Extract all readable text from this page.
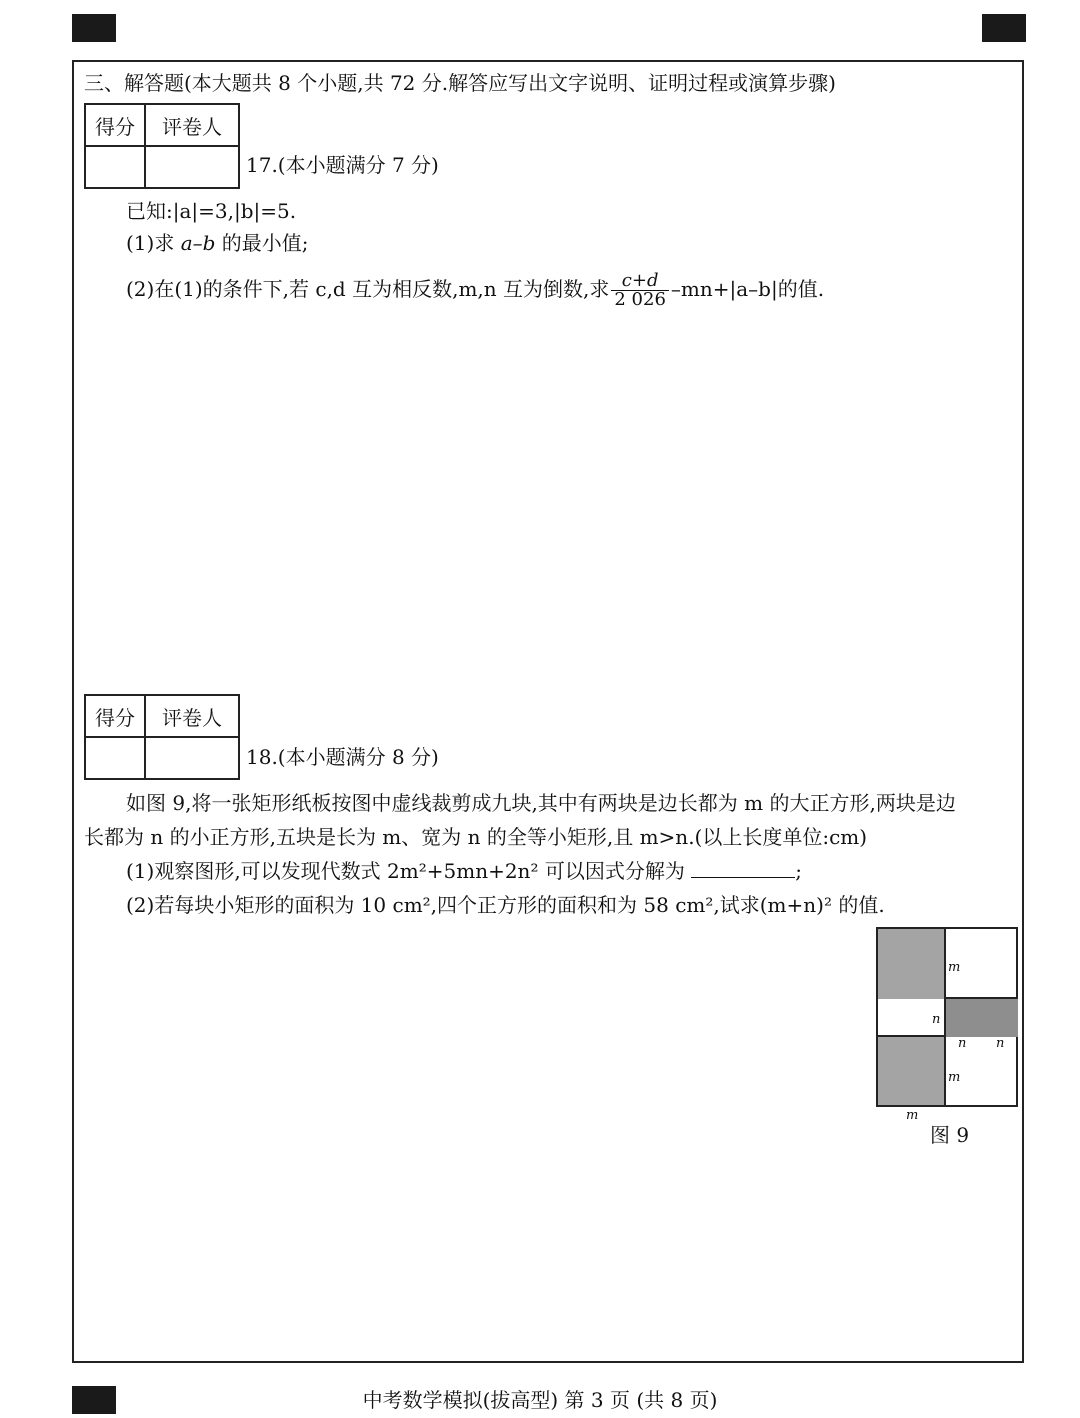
三、解答题(本大题共 8 个小题,共 72 分.解答应写出文字说明、证明过程或演算步骤)
得分	评卷人

17.(本小题满分 7 分)
已知:|a|=3,|b|=5.
(1)求 a–b 的最小值;
(2)在(1)的条件下,若 c,d 互为相反数,m,n 互为倒数,求 $\frac{c+d}{2 026} -mn+|a-b|$的值.
得分	评卷人

18.(本小题满分 8 分)
如图 9,将一张矩形纸板按图中虚线裁剪成九块,其中有两块是边长都为 m 的大正方形,两块是边
长都为 n 的小正方形,五块是长为 m、宽为 n 的全等小矩形,且 m>n.(以上长度单位:cm)
(1)观察图形,可以发现代数式 2m²+5mn+2n² 可以因式分解为	;
(2)若每块小矩形的面积为 10 cm²,四个正方形的面积和为 58 cm²,试求(m+n)² 的值.
m
n
n n
m
m
图 9
中考数学模拟(拔高型) 第 3 页 (共 8 页)
